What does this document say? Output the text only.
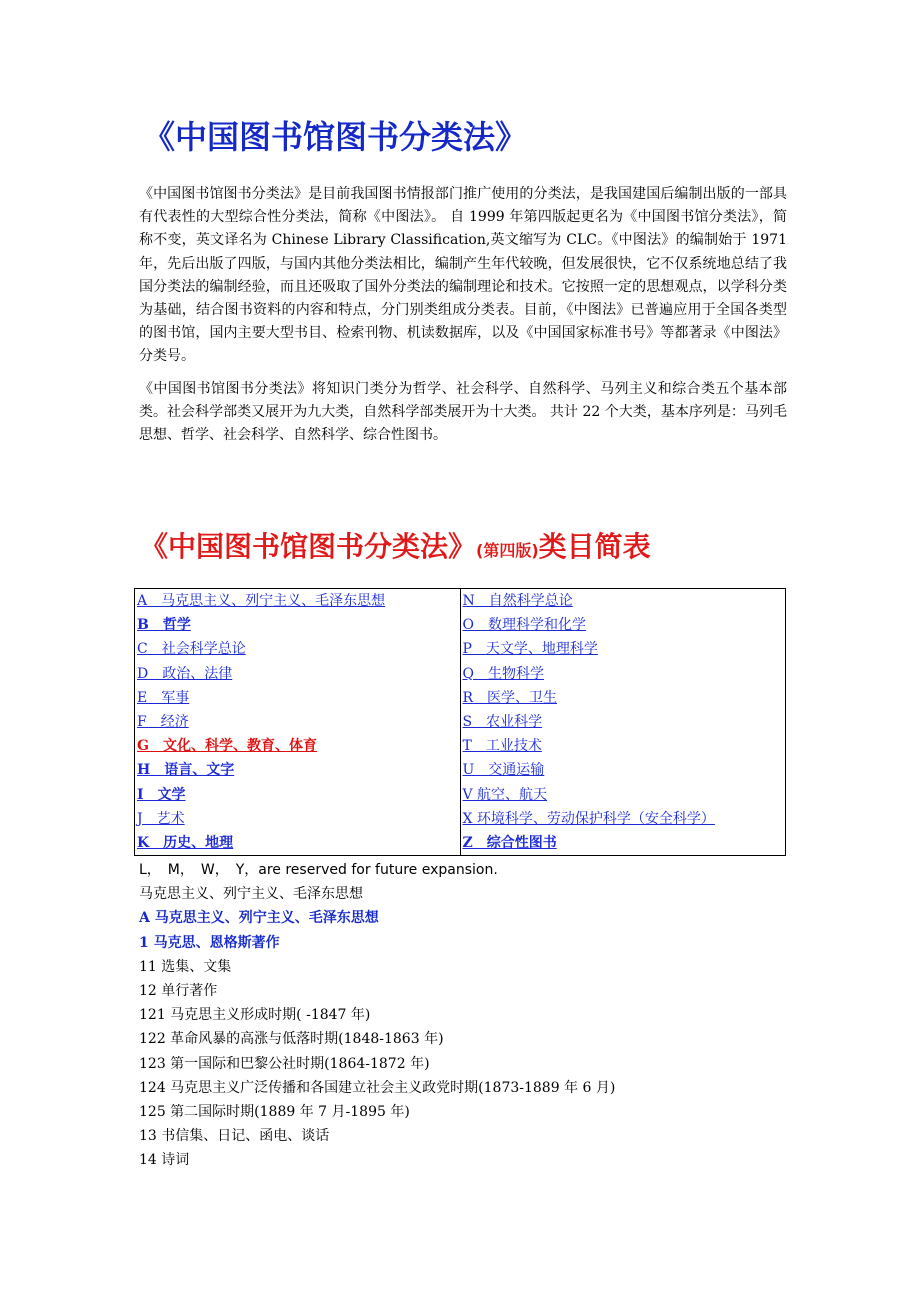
《中国图书馆图书分类法》

《中国图书馆图书分类法》是目前我国图书情报部门推广使用的分类法，是我国建国后编制出版的一部具有代表性的大型综合性分类法，简称《中图法》。 自 1999 年第四版起更名为《中国图书馆分类法》，简称不变，英文译名为 Chinese Library Classification,英文缩写为 CLC。《中图法》的编制始于 1971 年，先后出版了四版，与国内其他分类法相比，编制产生年代较晚，但发展很快，它不仅系统地总结了我国分类法的编制经验，而且还吸取了国外分类法的编制理论和技术。它按照一定的思想观点，以学科分类为基础，结合图书资料的内容和特点，分门别类组成分类表。目前，《中图法》已普遍应用于全国各类型的图书馆，国内主要大型书目、检索刊物、机读数据库，以及《中国国家标准书号》等都著录《中图法》分类号。

《中国图书馆图书分类法》将知识门类分为哲学、社会科学、自然科学、马列主义和综合类五个基本部类。社会科学部类又展开为九大类，自然科学部类展开为十大类。 共计 22 个大类，基本序列是：马列毛思想、哲学、社会科学、自然科学、综合性图书。

《中国图书馆图书分类法》(第四版)类目简表
A　马克思主义、列宁主义、毛泽东思想	N　自然科学总论
B　哲学	O　数理科学和化学
C　社会科学总论	P　天文学、地理科学
D　政治、法律	Q　生物科学
E　军事	R　医学、卫生
F　经济	S　农业科学
G　文化、科学、教育、体育	T　工业技术
H　语言、文字	U　交通运输
I　文学	V 航空、航天
J　艺术	X 环境科学、劳动保护科学（安全科学）
K　历史、地理	Z　综合性图书
L，　M，　W，　Y，are reserved for future expansion.
马克思主义、列宁主义、毛泽东思想
A 马克思主义、列宁主义、毛泽东思想
1 马克思、恩格斯著作
11 选集、文集
12 单行著作
121 马克思主义形成时期( -1847 年)
122 革命风暴的高涨与低落时期(1848-1863 年)
123 第一国际和巴黎公社时期(1864-1872 年)
124 马克思主义广泛传播和各国建立社会主义政党时期(1873-1889 年 6 月)
125 第二国际时期(1889 年 7 月-1895 年)
13 书信集、日记、函电、谈话
14 诗词
